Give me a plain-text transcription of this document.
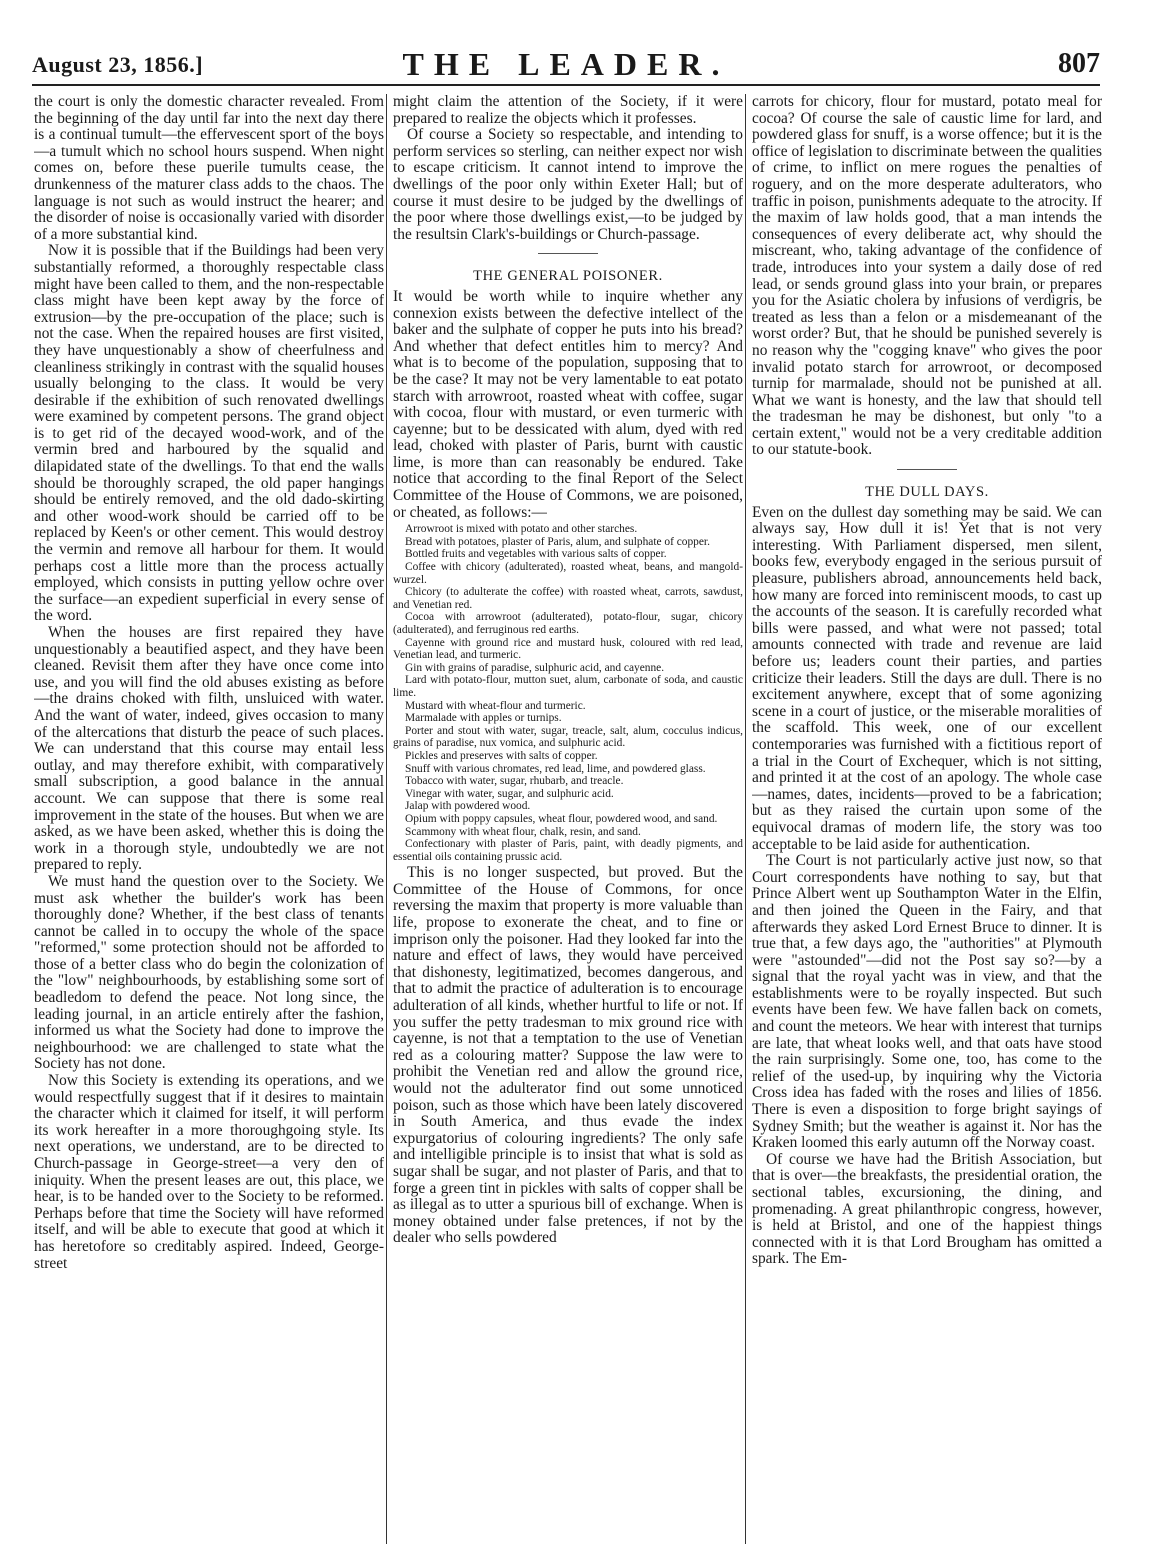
August 23, 1856.]	THE LEADER.	807

the court is only the domestic character revealed. From the beginning of the day until far into the next day there is a continual tumult—the effervescent sport of the boys—a tumult which no school hours suspend. When night comes on, before these puerile tumults cease, the drunkenness of the maturer class adds to the chaos. The language is not such as would instruct the hearer; and the disorder of noise is occasionally varied with disorder of a more substantial kind.

Now it is possible that if the Buildings had been very substantially reformed, a thoroughly respectable class might have been called to them, and the non-respectable class might have been kept away by the force of extrusion—by the pre-occupation of the place; such is not the case. When the repaired houses are first visited, they have unquestionably a show of cheerfulness and cleanliness strikingly in contrast with the squalid houses usually belonging to the class. It would be very desirable if the exhibition of such renovated dwellings were examined by competent persons. The grand object is to get rid of the decayed wood-work, and of the vermin bred and harboured by the squalid and dilapidated state of the dwellings. To that end the walls should be thoroughly scraped, the old paper hangings should be entirely removed, and the old dado-skirting and other wood-work should be carried off to be replaced by Keen's or other cement. This would destroy the vermin and remove all harbour for them. It would perhaps cost a little more than the process actually employed, which consists in putting yellow ochre over the surface—an expedient superficial in every sense of the word.

When the houses are first repaired they have unquestionably a beautified aspect, and they have been cleaned. Revisit them after they have once come into use, and you will find the old abuses existing as before—the drains choked with filth, unsluiced with water. And the want of water, indeed, gives occasion to many of the altercations that disturb the peace of such places. We can understand that this course may entail less outlay, and may therefore exhibit, with comparatively small subscription, a good balance in the annual account. We can suppose that there is some real improvement in the state of the houses. But when we are asked, as we have been asked, whether this is doing the work in a thorough style, undoubtedly we are not prepared to reply.

We must hand the question over to the Society. We must ask whether the builder's work has been thoroughly done? Whether, if the best class of tenants cannot be called in to occupy the whole of the space "reformed," some protection should not be afforded to those of a better class who do begin the colonization of the "low" neighbourhoods, by establishing some sort of beadledom to defend the peace. Not long since, the leading journal, in an article entirely after the fashion, informed us what the Society had done to improve the neighbourhood: we are challenged to state what the Society has not done.

Now this Society is extending its operations, and we would respectfully suggest that if it desires to maintain the character which it claimed for itself, it will perform its work hereafter in a more thoroughgoing style. Its next operations, we understand, are to be directed to Church-passage in George-street—a very den of iniquity. When the present leases are out, this place, we hear, is to be handed over to the Society to be reformed. Perhaps before that time the Society will have reformed itself, and will be able to execute that good at which it has heretofore so creditably aspired. Indeed, George-street

might claim the attention of the Society, if it were prepared to realize the objects which it professes.

Of course a Society so respectable, and intending to perform services so sterling, can neither expect nor wish to escape criticism. It cannot intend to improve the dwellings of the poor only within Exeter Hall; but of course it must desire to be judged by the dwellings of the poor where those dwellings exist,—to be judged by the resultsin Clark's-buildings or Church-passage.

THE GENERAL POISONER.

It would be worth while to inquire whether any connexion exists between the defective intellect of the baker and the sulphate of copper he puts into his bread? And whether that defect entitles him to mercy? And what is to become of the population, supposing that to be the case? It may not be very lamentable to eat potato starch with arrowroot, roasted wheat with coffee, sugar with cocoa, flour with mustard, or even turmeric with cayenne; but to be dessicated with alum, dyed with red lead, choked with plaster of Paris, burnt with caustic lime, is more than can reasonably be endured. Take notice that according to the final Report of the Select Committee of the House of Commons, we are poisoned, or cheated, as follows:—

Arrowroot is mixed with potato and other starches.
Bread with potatoes, plaster of Paris, alum, and sulphate of copper.
Bottled fruits and vegetables with various salts of copper.
Coffee with chicory (adulterated), roasted wheat, beans, and mangold-wurzel.
Chicory (to adulterate the coffee) with roasted wheat, carrots, sawdust, and Venetian red.
Cocoa with arrowroot (adulterated), potato-flour, sugar, chicory (adulterated), and ferruginous red earths.
Cayenne with ground rice and mustard husk, coloured with red lead, Venetian lead, and turmeric.
Gin with grains of paradise, sulphuric acid, and cayenne.
Lard with potato-flour, mutton suet, alum, carbonate of soda, and caustic lime.
Mustard with wheat-flour and turmeric.
Marmalade with apples or turnips.
Porter and stout with water, sugar, treacle, salt, alum, cocculus indicus, grains of paradise, nux vomica, and sulphuric acid.
Pickles and preserves with salts of copper.
Snuff with various chromates, red lead, lime, and powdered glass.
Tobacco with water, sugar, rhubarb, and treacle.
Vinegar with water, sugar, and sulphuric acid.
Jalap with powdered wood.
Opium with poppy capsules, wheat flour, powdered wood, and sand.
Scammony with wheat flour, chalk, resin, and sand.
Confectionary with plaster of Paris, paint, with deadly pigments, and essential oils containing prussic acid.

This is no longer suspected, but proved. But the Committee of the House of Commons, for once reversing the maxim that property is more valuable than life, propose to exonerate the cheat, and to fine or imprison only the poisoner. Had they looked far into the nature and effect of laws, they would have perceived that dishonesty, legitimatized, becomes dangerous, and that to admit the practice of adulteration is to encourage adulteration of all kinds, whether hurtful to life or not. If you suffer the petty tradesman to mix ground rice with cayenne, is not that a temptation to the use of Venetian red as a colouring matter? Suppose the law were to prohibit the Venetian red and allow the ground rice, would not the adulterator find out some unnoticed poison, such as those which have been lately discovered in South America, and thus evade the index expurgatorius of colouring ingredients? The only safe and intelligible principle is to insist that what is sold as sugar shall be sugar, and not plaster of Paris, and that to forge a green tint in pickles with salts of copper shall be as illegal as to utter a spurious bill of exchange. When is money obtained under false pretences, if not by the dealer who sells powdered

carrots for chicory, flour for mustard, potato meal for cocoa? Of course the sale of caustic lime for lard, and powdered glass for snuff, is a worse offence; but it is the office of legislation to discriminate between the qualities of crime, to inflict on mere rogues the penalties of roguery, and on the more desperate adulterators, who traffic in poison, punishments adequate to the atrocity. If the maxim of law holds good, that a man intends the consequences of every deliberate act, why should the miscreant, who, taking advantage of the confidence of trade, introduces into your system a daily dose of red lead, or sends ground glass into your brain, or prepares you for the Asiatic cholera by infusions of verdigris, be treated as less than a felon or a misdemeanant of the worst order? But, that he should be punished severely is no reason why the "cogging knave" who gives the poor invalid potato starch for arrowroot, or decomposed turnip for marmalade, should not be punished at all. What we want is honesty, and the law that should tell the tradesman he may be dishonest, but only "to a certain extent," would not be a very creditable addition to our statute-book.

THE DULL DAYS.

Even on the dullest day something may be said. We can always say, How dull it is! Yet that is not very interesting. With Parliament dispersed, men silent, books few, everybody engaged in the serious pursuit of pleasure, publishers abroad, announcements held back, how many are forced into reminiscent moods, to cast up the accounts of the season. It is carefully recorded what bills were passed, and what were not passed; total amounts connected with trade and revenue are laid before us; leaders count their parties, and parties criticize their leaders. Still the days are dull. There is no excitement anywhere, except that of some agonizing scene in a court of justice, or the miserable moralities of the scaffold. This week, one of our excellent contemporaries was furnished with a fictitious report of a trial in the Court of Exchequer, which is not sitting, and printed it at the cost of an apology. The whole case—names, dates, incidents—proved to be a fabrication; but as they raised the curtain upon some of the equivocal dramas of modern life, the story was too acceptable to be laid aside for authentication.

The Court is not particularly active just now, so that Court correspondents have nothing to say, but that Prince Albert went up Southampton Water in the Elfin, and then joined the Queen in the Fairy, and that afterwards they asked Lord Ernest Bruce to dinner. It is true that, a few days ago, the "authorities" at Plymouth were "astounded"—did not the Post say so?—by a signal that the royal yacht was in view, and that the establishments were to be royally inspected. But such events have been few. We have fallen back on comets, and count the meteors. We hear with interest that turnips are late, that wheat looks well, and that oats have stood the rain surprisingly. Some one, too, has come to the relief of the used-up, by inquiring why the Victoria Cross idea has faded with the roses and lilies of 1856. There is even a disposition to forge bright sayings of Sydney Smith; but the weather is against it. Nor has the Kraken loomed this early autumn off the Norway coast.

Of course we have had the British Association, but that is over—the breakfasts, the presidential oration, the sectional tables, excursioning, the dining, and promenading. A great philanthropic congress, however, is held at Bristol, and one of the happiest things connected with it is that Lord Brougham has omitted a spark. The Em-
